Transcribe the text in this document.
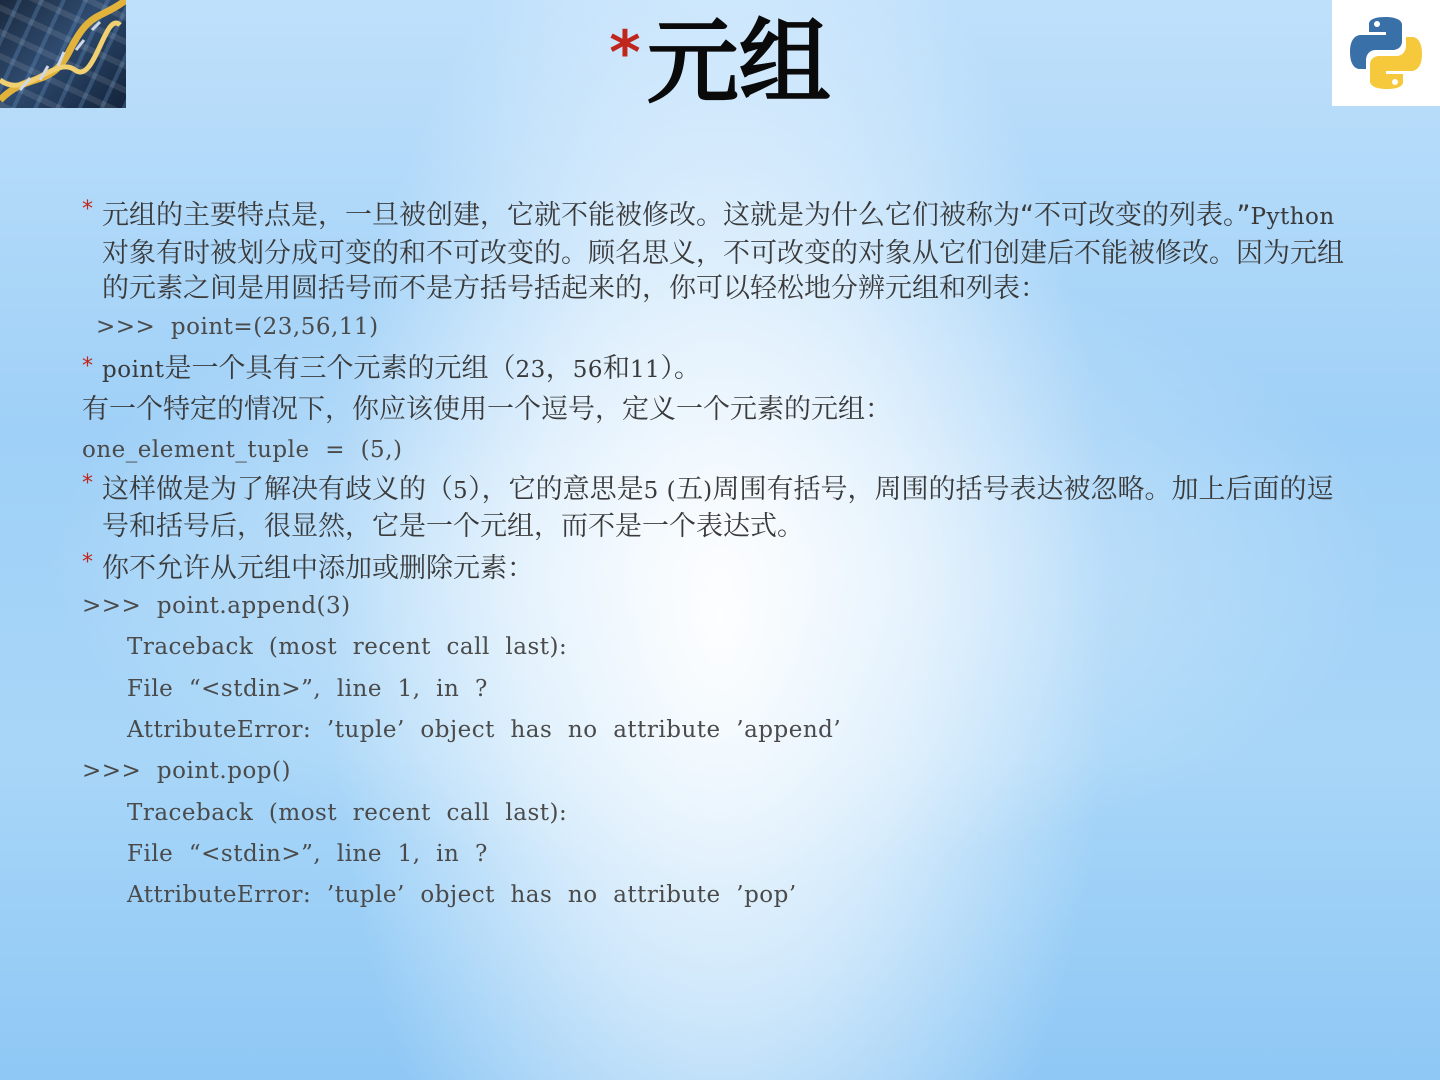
*元组
* 元组的主要特点是，一旦被创建，它就不能被修改。这就是为什么它们被称为“不可改变的列表。”Python对象有时被划分成可变的和不可改变的。顾名思义，不可改变的对象从它们创建后不能被修改。因为元组的元素之间是用圆括号而不是方括号括起来的，你可以轻松地分辨元组和列表：
>>>  point=(23,56,11)
* point是一个具有三个元素的元组（23，56和11）。
有一个特定的情况下，你应该使用一个逗号，定义一个元素的元组：
one_element_tuple  =  (5,)
* 这样做是为了解决有歧义的（5），它的意思是5 (五)周围有括号，周围的括号表达被忽略。加上后面的逗号和括号后，很显然，它是一个元组，而不是一个表达式。
* 你不允许从元组中添加或删除元素：
>>>  point.append(3)
Traceback  (most  recent  call  last):
File  “<stdin>”,  line  1,  in  ?
AttributeError:  ’tuple’  object  has  no  attribute  ’append’
>>>  point.pop()
Traceback  (most  recent  call  last):
File  “<stdin>”,  line  1,  in  ?
AttributeError:  ’tuple’  object  has  no  attribute  ’pop’
